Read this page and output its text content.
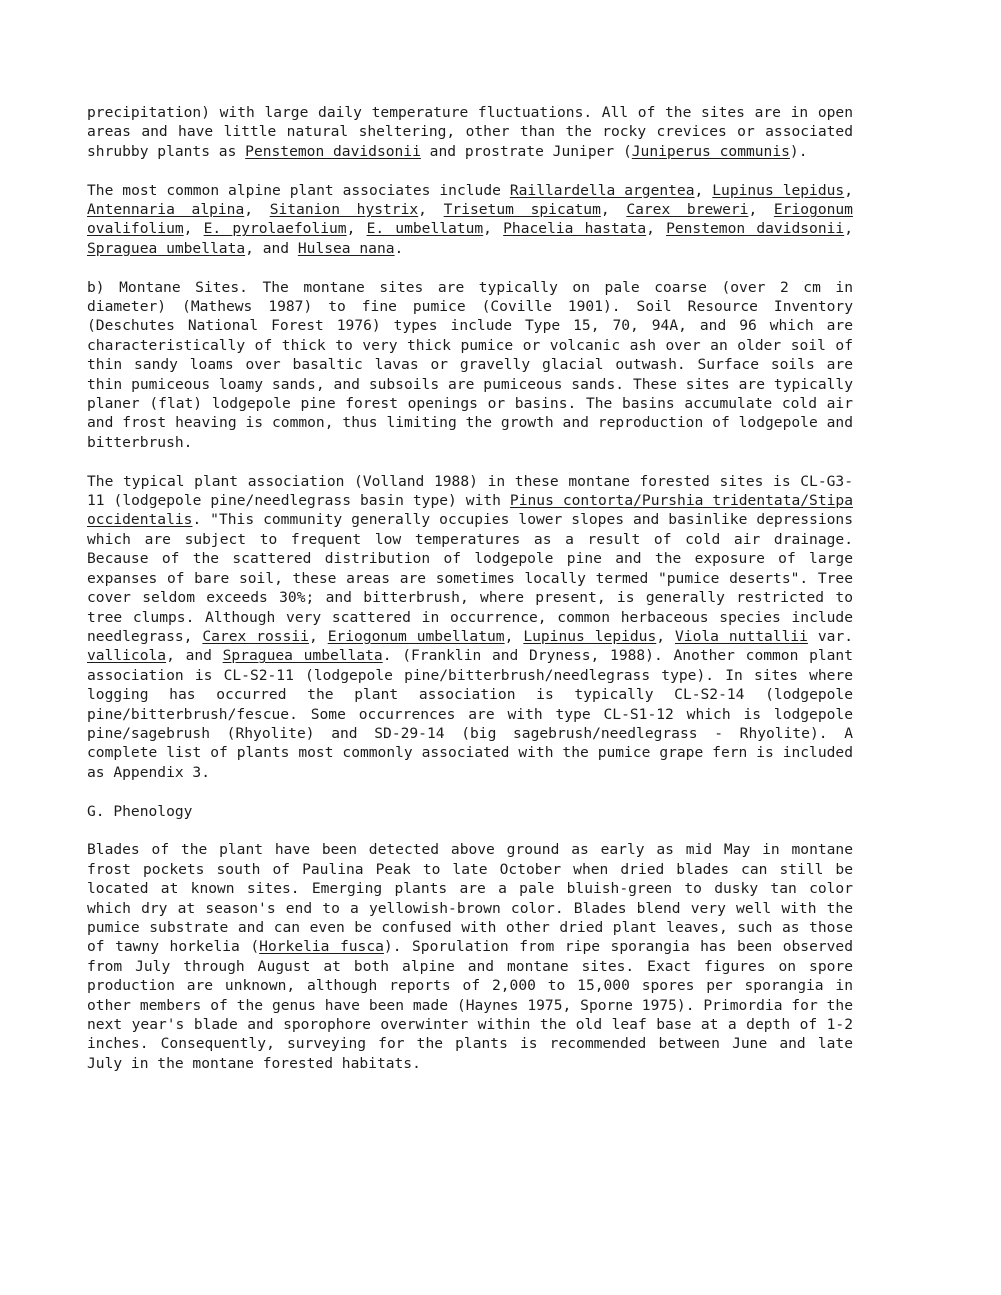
precipitation) with large daily temperature fluctuations. All of the sites are in open areas and have little natural sheltering, other than the rocky crevices or associated shrubby plants as Penstemon davidsonii and prostrate Juniper (Juniperus communis).

The most common alpine plant associates include Raillardella argentea, Lupinus lepidus, Antennaria alpina, Sitanion hystrix, Trisetum spicatum, Carex breweri, Eriogonum ovalifolium, E. pyrolaefolium, E. umbellatum, Phacelia hastata, Penstemon davidsonii, Spraguea umbellata, and Hulsea nana.

b) Montane Sites. The montane sites are typically on pale coarse (over 2 cm in diameter) (Mathews 1987) to fine pumice (Coville 1901). Soil Resource Inventory (Deschutes National Forest 1976) types include Type 15, 70, 94A, and 96 which are characteristically of thick to very thick pumice or volcanic ash over an older soil of thin sandy loams over basaltic lavas or gravelly glacial outwash. Surface soils are thin pumiceous loamy sands, and subsoils are pumiceous sands. These sites are typically planer (flat) lodgepole pine forest openings or basins. The basins accumulate cold air and frost heaving is common, thus limiting the growth and reproduction of lodgepole and bitterbrush.

The typical plant association (Volland 1988) in these montane forested sites is CL-G3-11 (lodgepole pine/needlegrass basin type) with Pinus contorta/Purshia tridentata/Stipa occidentalis. "This community generally occupies lower slopes and basinlike depressions which are subject to frequent low temperatures as a result of cold air drainage. Because of the scattered distribution of lodgepole pine and the exposure of large expanses of bare soil, these areas are sometimes locally termed "pumice deserts". Tree cover seldom exceeds 30%; and bitterbrush, where present, is generally restricted to tree clumps. Although very scattered in occurrence, common herbaceous species include needlegrass, Carex rossii, Eriogonum umbellatum, Lupinus lepidus, Viola nuttallii var. vallicola, and Spraguea umbellata. (Franklin and Dryness, 1988). Another common plant association is CL-S2-11 (lodgepole pine/bitterbrush/needlegrass type). In sites where logging has occurred the plant association is typically CL-S2-14 (lodgepole pine/bitterbrush/fescue. Some occurrences are with type CL-S1-12 which is lodgepole pine/sagebrush (Rhyolite) and SD-29-14 (big sagebrush/needlegrass - Rhyolite). A complete list of plants most commonly associated with the pumice grape fern is included as Appendix 3.

G. Phenology

Blades of the plant have been detected above ground as early as mid May in montane frost pockets south of Paulina Peak to late October when dried blades can still be located at known sites. Emerging plants are a pale bluish-green to dusky tan color which dry at season's end to a yellowish-brown color. Blades blend very well with the pumice substrate and can even be confused with other dried plant leaves, such as those of tawny horkelia (Horkelia fusca). Sporulation from ripe sporangia has been observed from July through August at both alpine and montane sites. Exact figures on spore production are unknown, although reports of 2,000 to 15,000 spores per sporangia in other members of the genus have been made (Haynes 1975, Sporne 1975). Primordia for the next year's blade and sporophore overwinter within the old leaf base at a depth of 1-2 inches. Consequently, surveying for the plants is recommended between June and late July in the montane forested habitats.
